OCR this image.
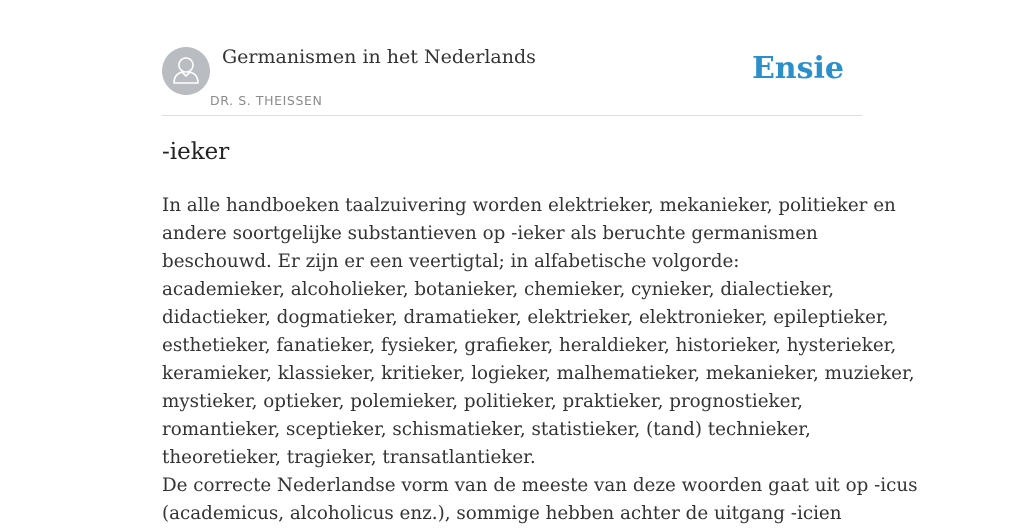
Germanismen in het Nederlands
DR. S. THEISSEN
Ensie
-ieker
In alle handboeken taalzuivering worden elektrieker, mekanieker, politieker en
andere soortgelijke substantieven op -ieker als beruchte germanismen
beschouwd. Er zijn er een veertigtal; in alfabetische volgorde:
academieker, alcoholieker, botanieker, chemieker, cynieker, dialectieker,
didactieker, dogmatieker, dramatieker, elektrieker, elektronieker, epileptieker,
esthetieker, fanatieker, fysieker, grafieker, heraldieker, historieker, hysterieker,
keramieker, klassieker, kritieker, logieker, malhematieker, mekanieker, muzieker,
mystieker, optieker, polemieker, politieker, praktieker, prognostieker,
romantieker, sceptieker, schismatieker, statistieker, (tand) technieker,
theoretieker, tragieker, transatlantieker.
De correcte Nederlandse vorm van de meeste van deze woorden gaat uit op -icus
(academicus, alcoholicus enz.), sommige hebben achter de uitgang -icien
